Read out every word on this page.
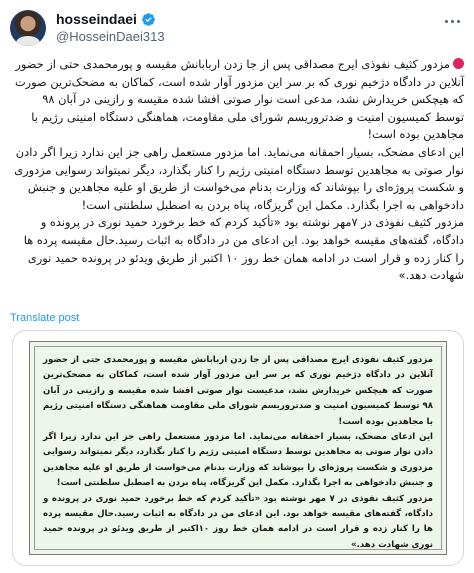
hosseindaei
@HosseinDaei313

مزدور کثیف نفوذی ایرج مصداقی پس از جا زدن اربابانش مقیسه و پورمحمدی حتی از حضور آنلاین در دادگاه دژخیم نوری که بر سر این مزدور آوار شده است، کماکان به مضحک‌ترین صورت که هیچکس خریدارش نشد، مدعی است نوار صوتی افشا شده مقیسه و رازینی در آبان ۹۸ توسط کمیسیون امنیت و ضدتروریسم شورای ملی مقاومت، هماهنگی دستگاه امنیتی رژیم با مجاهدین بوده است!

این ادعای مضحک، بسیار احمقانه می‌نماید. اما مزدور مستعمل راهی جز این ندارد زیرا اگر دادن نوار صوتی به مجاهدین توسط دستگاه امنیتی رژیم را کنار بگذارد، دیگر نمیتواند رسوایی مزدوری و شکست پروژه‌ای را بپوشاند که وزارت بدنام می‌خواست از طریق او علیه مجاهدین و جنبش دادخواهی به اجرا بگذارد. مکمل این گریزگاه، پناه بردن به اصطبل سلطنتی است!

مزدور کثیف نفوذی در ۷مهر نوشته بود «تأکید کردم که خط برخورد حمید نوری در پرونده و دادگاه، گفته‌های مقیسه خواهد بود. این ادعای من در دادگاه به اثبات رسید.حال مقیسه پرده ها را کنار زده و قرار است در ادامه همان خط روز ۱۰ اکتبر از طریق ویدئو در پرونده حمید نوری شهادت دهد.»

Translate post

مزدور کثیف نفوذی ایرج مصداقی پس از جا زدن اربابانش مقیسه و پورمحمدی حتی از حضور آنلاین در دادگاه دژخیم نوری که بر سر این مزدور آوار شده است، کماکان به مضحک‌ترین صورت که هیچکس خریدارش نشد، مدعیست نوار صوتی افشا شده مقیسه و رازینی در آبان ۹۸ توسط کمیسیون امنیت و ضدتروریسم شورای ملی مقاومت هماهنگی دستگاه امنیتی رژیم با مجاهدین بوده است!

این ادعای مضحک، بسیار احمقانه می‌نماید. اما مزدور مستعمل راهی جز این ندارد زیرا اگر دادن نوار صوتی به مجاهدین توسط دستگاه امنیتی رژیم را کنار بگذارد، دیگر نمیتواند رسوایی مزدوری و شکست پروژه‌ای را بپوشاند که وزارت بدنام می‌خواست از طریق او علیه مجاهدین و جنبش دادخواهی به اجرا بگذارد. مکمل این گریزگاه، پناه بردن به اصطبل سلطنتی است!

مزدور کثیف نفوذی در ۷ مهر نوشته بود «تأکید کردم که خط برخورد حمید نوری در پرونده و دادگاه، گفته‌های مقیسه خواهد بود. این ادعای من در دادگاه به اثبات رسید.حال مقیسه پرده ها را کنار زده و قرار است در ادامه همان خط روز ۱۰اکتبر از طریق ویدئو در پرونده حمید نوری شهادت دهد.»
